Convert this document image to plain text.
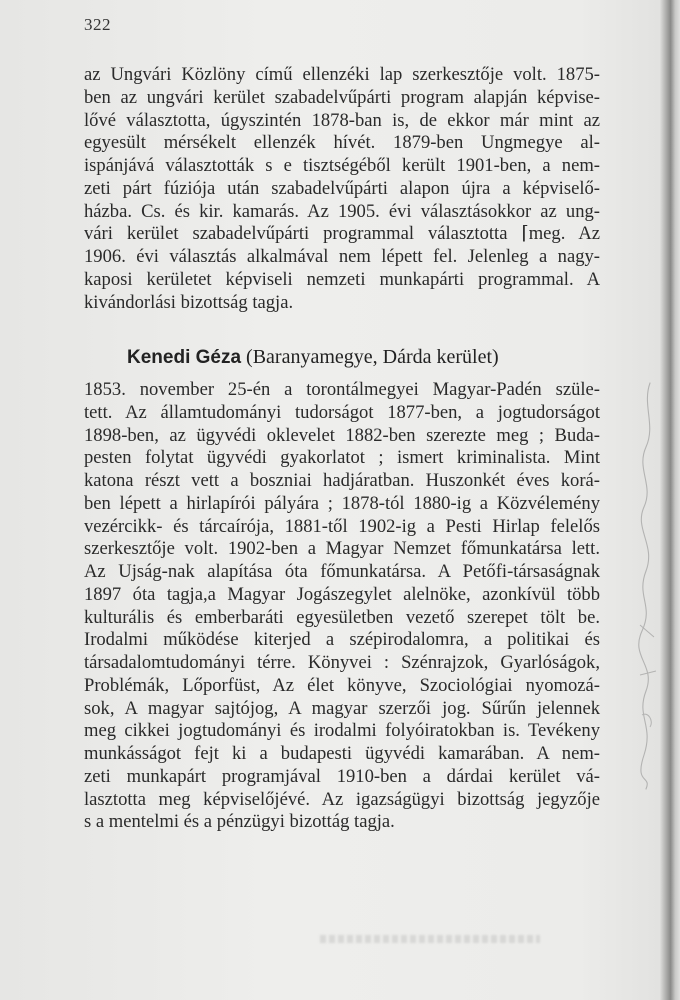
322
az Ungvári Közlöny című ellenzéki lap szerkesztője volt. 1875-
ben az ungvári kerület szabadelvűpárti program alapján képvise-
lővé választotta, úgyszintén 1878-ban is, de ekkor már mint az
egyesült mérsékelt ellenzék hívét. 1879-ben Ungmegye al-
ispánjává választották s e tisztségéből került 1901-ben, a nem-
zeti párt fúziója után szabadelvűpárti alapon újra a képviselő-
házba. Cs. és kir. kamarás. Az 1905. évi választásokkor az ung-
vári kerület szabadelvűpárti programmal választotta ⌈meg. Az
1906. évi választás alkalmával nem lépett fel. Jelenleg a nagy-
kaposi kerületet képviseli nemzeti munkapárti programmal. A
kivándorlási bizottság tagja.
Kenedi Géza (Baranyamegye, Dárda kerület)
1853. november 25-én a torontálmegyei Magyar-Padén szüle-
tett. Az államtudományi tudorságot 1877-ben, a jogtudorságot
1898-ben, az ügyvédi oklevelet 1882-ben szerezte meg ; Buda-
pesten folytat ügyvédi gyakorlatot ; ismert kriminalista. Mint
katona részt vett a boszniai hadjáratban. Huszonkét éves korá-
ben lépett a hirlapírói pályára ; 1878-tól 1880-ig a Közvélemény
vezércikk- és tárcaírója, 1881-től 1902-ig a Pesti Hirlap felelős
szerkesztője volt. 1902-ben a Magyar Nemzet főmunkatársa lett.
Az Ujság-nak alapítása óta főmunkatársa. A Petőfi-társaságnak
1897 óta tagja,a Magyar Jogászegylet alelnöke, azonkívül több
kulturális és emberbaráti egyesületben vezető szerepet tölt be.
Irodalmi működése kiterjed a szépirodalomra, a politikai és
társadalomtudományi térre. Könyvei : Szénrajzok, Gyarlóságok,
Problémák, Lőporfüst, Az élet könyve, Szociológiai nyomozá-
sok, A magyar sajtójog, A magyar szerzői jog. Sűrűn jelennek
meg cikkei jogtudományi és irodalmi folyóiratokban is. Tevékeny
munkásságot fejt ki a budapesti ügyvédi kamarában. A nem-
zeti munkapárt programjával 1910-ben a dárdai kerület vá-
lasztotta meg képviselőjévé. Az igazságügyi bizottság jegyzője
s a mentelmi és a pénzügyi bizottág tagja.
